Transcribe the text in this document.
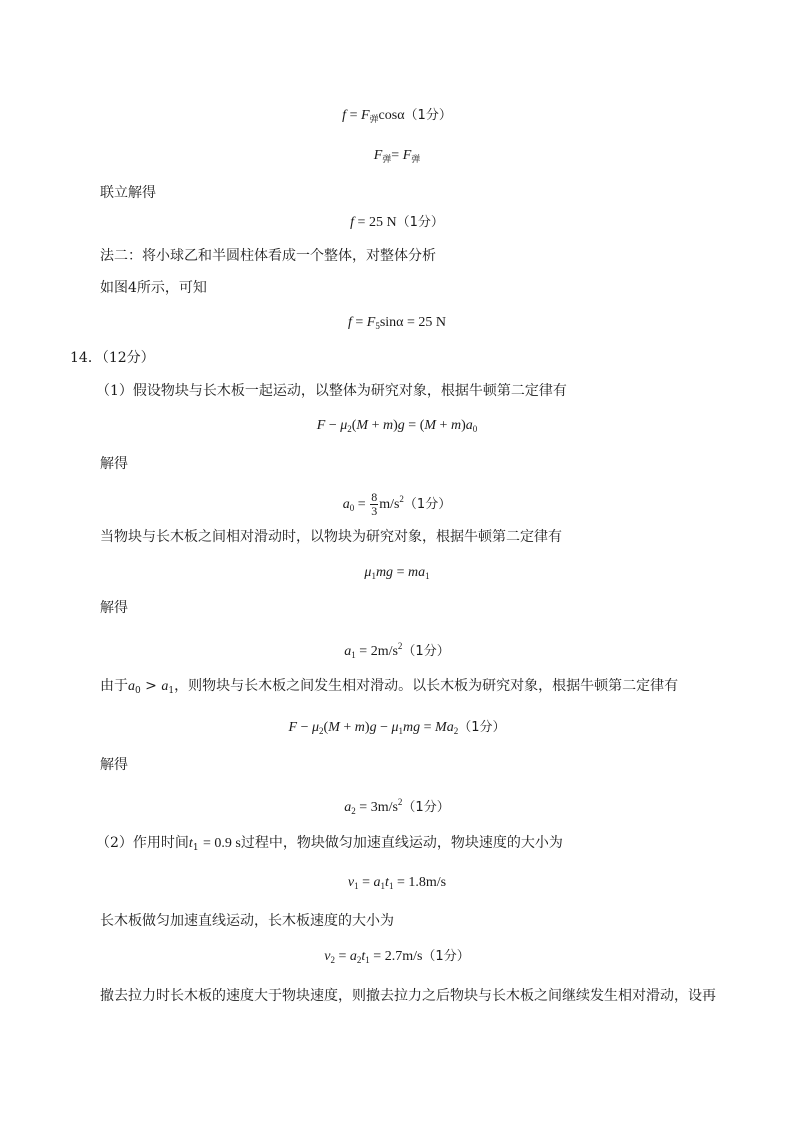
$f = F_弹\cos\alpha(1$分）
$F_弹= F_弹$
联立解得
f = 25 N（1分）
法二：将小球乙和半圆柱体看成一个整体，对整体分析
如图4所示，可知
$f = F_5\sin\alpha = 25$ N
14．（12分）
（1）假设物块与长木板一起运动，以整体为研究对象，根据牛顿第二定律有
$F - \mu_2(M + m)g = (M + m)a_0$
解得
$a_0 = \frac{8}{3} m/s^2(1$分）
当物块与长木板之间相对滑动时，以物块为研究对象，根据牛顿第二定律有
$\mu_1mg = ma_1$
解得
$a_1 = 2m/s^2(1$分）
由于$a_0 > a_1$，则物块与长木板之间发生相对滑动。以长木板为研究对象，根据牛顿第二定律有
$F - \mu_2(M + m)g - \mu_1mg = Ma_2(1$分）
解得
$a_2 = 3m/s^2(1$分）
（2）作用时间$t_1 = 0.9$ s过程中，物块做匀加速直线运动，物块速度的大小为
$v_1 = a_1t_1 = 1.8m/s$
长木板做匀加速直线运动，长木板速度的大小为
$v_2 = a_2t_1 = 2.7m/s(1$分）
撤去拉力时长木板的速度大于物块速度，则撤去拉力之后物块与长木板之间继续发生相对滑动，设再
